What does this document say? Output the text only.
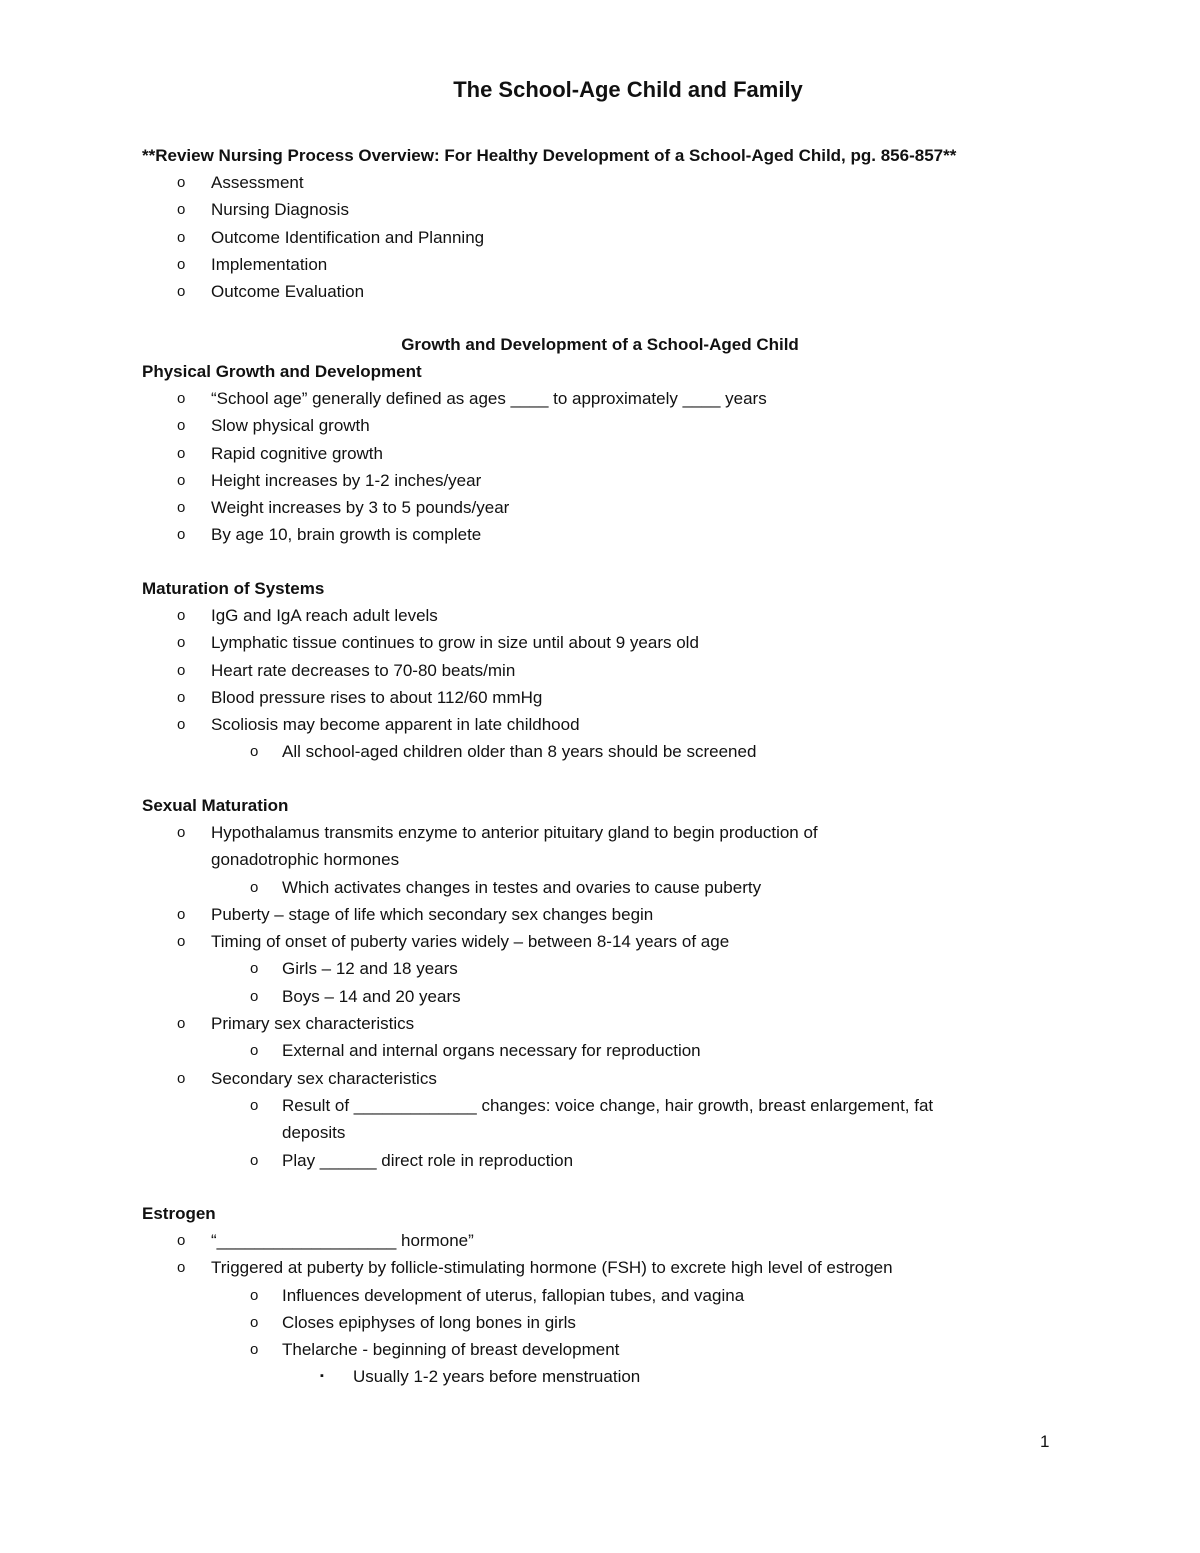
The School-Age Child and Family
**Review Nursing Process Overview: For Healthy Development of a School-Aged Child, pg. 856-857**
o Assessment
o Nursing Diagnosis
o Outcome Identification and Planning
o Implementation
o Outcome Evaluation
Growth and Development of a School-Aged Child
Physical Growth and Development
o “School age” generally defined as ages ____ to approximately ____ years
o Slow physical growth
o Rapid cognitive growth
o Height increases by 1-2 inches/year
o Weight increases by 3 to 5 pounds/year
o By age 10, brain growth is complete
Maturation of Systems
o IgG and IgA reach adult levels
o Lymphatic tissue continues to grow in size until about 9 years old
o Heart rate decreases to 70-80 beats/min
o Blood pressure rises to about 112/60 mmHg
o Scoliosis may become apparent in late childhood
o All school-aged children older than 8 years should be screened
Sexual Maturation
o Hypothalamus transmits enzyme to anterior pituitary gland to begin production of
gonadotrophic hormones
o Which activates changes in testes and ovaries to cause puberty
o Puberty – stage of life which secondary sex changes begin
o Timing of onset of puberty varies widely – between 8-14 years of age
o Girls – 12 and 18 years
o Boys – 14 and 20 years
o Primary sex characteristics
o External and internal organs necessary for reproduction
o Secondary sex characteristics
o Result of _____________ changes: voice change, hair growth, breast enlargement, fat
deposits
o Play ______ direct role in reproduction
Estrogen
o “___________________ hormone”
o Triggered at puberty by follicle-stimulating hormone (FSH) to excrete high level of estrogen
o Influences development of uterus, fallopian tubes, and vagina
o Closes epiphyses of long bones in girls
o Thelarche - beginning of breast development
▪ Usually 1-2 years before menstruation
1
